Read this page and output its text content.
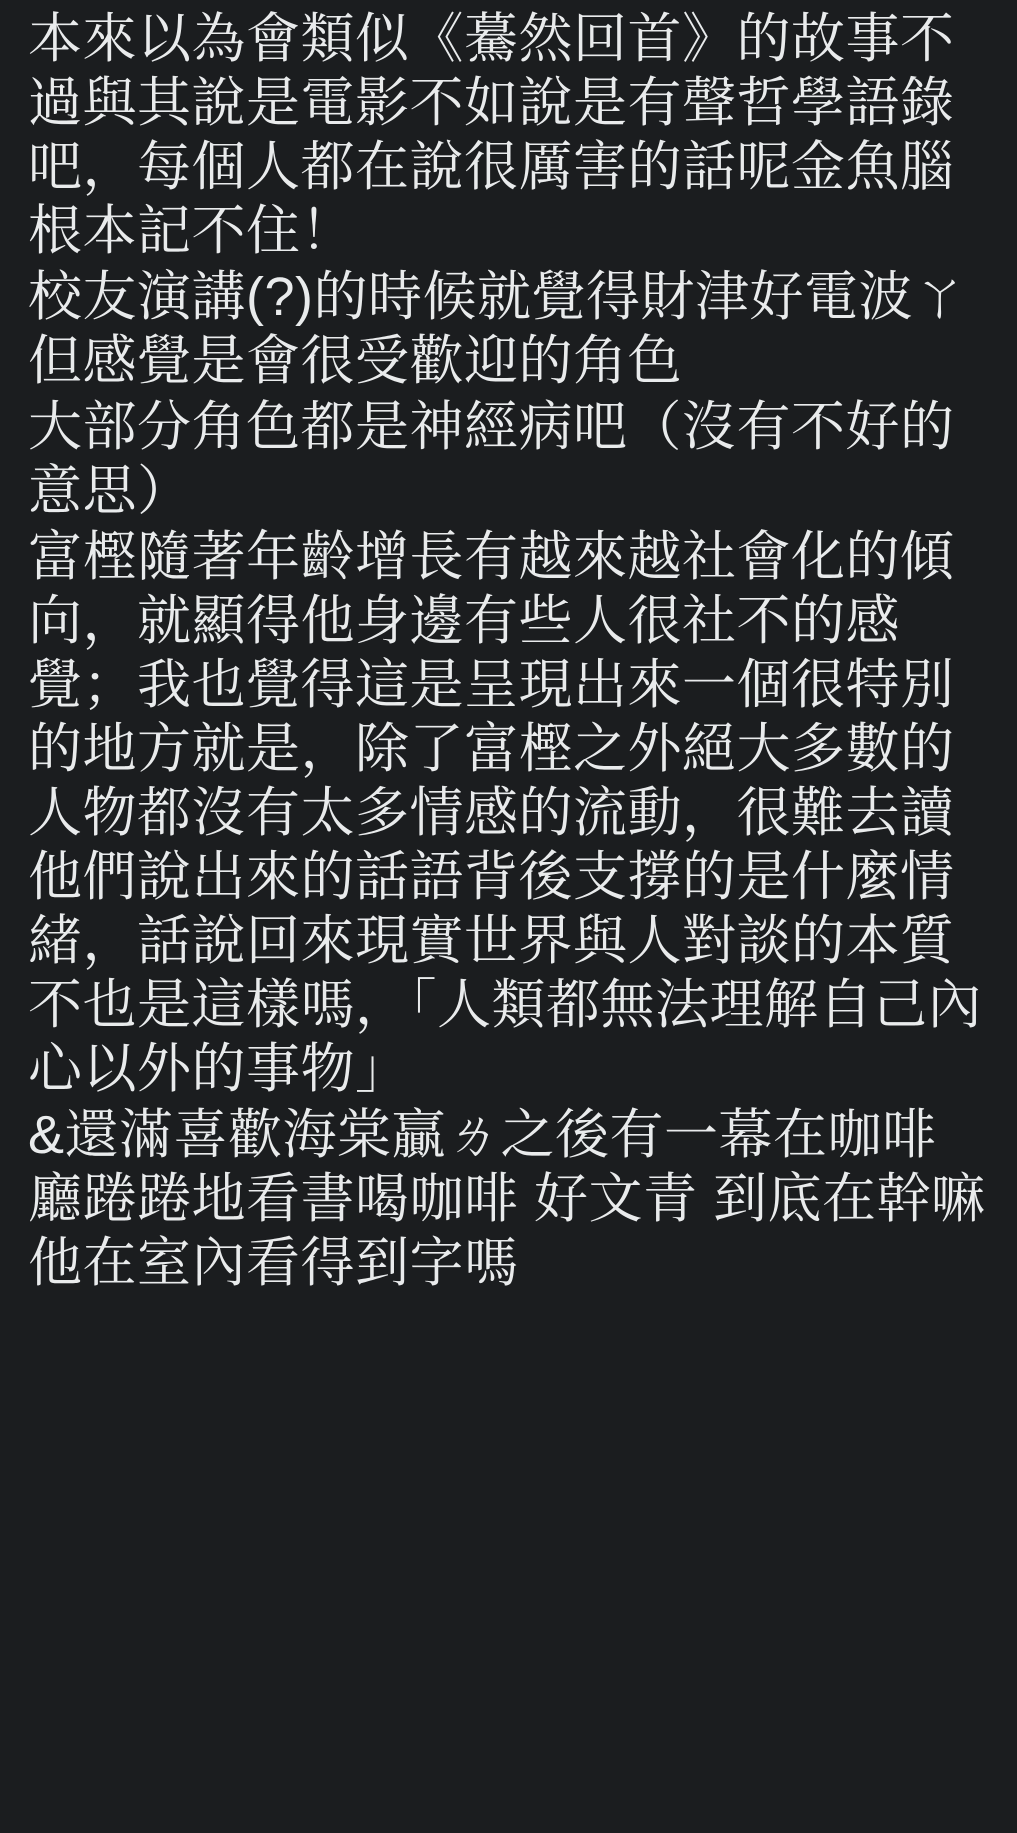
本來以為會類似《驀然回首》的故事不過與其說是電影不如說是有聲哲學語錄吧，每個人都在說很厲害的話呢金魚腦根本記不住！

校友演講(?)的時候就覺得財津好電波ㄚ但感覺是會很受歡迎的角色

大部分角色都是神經病吧（沒有不好的意思）

富樫隨著年齡增長有越來越社會化的傾向，就顯得他身邊有些人很社不的感覺；我也覺得這是呈現出來一個很特別的地方就是，除了富樫之外絕大多數的人物都沒有太多情感的流動，很難去讀他們說出來的話語背後支撐的是什麼情緒，話說回來現實世界與人對談的本質不也是這樣嗎，「人類都無法理解自己內心以外的事物」

&還滿喜歡海棠贏ㄌ之後有一幕在咖啡廳踡踡地看書喝咖啡 好文青 到底在幹嘛 他在室內看得到字嗎
